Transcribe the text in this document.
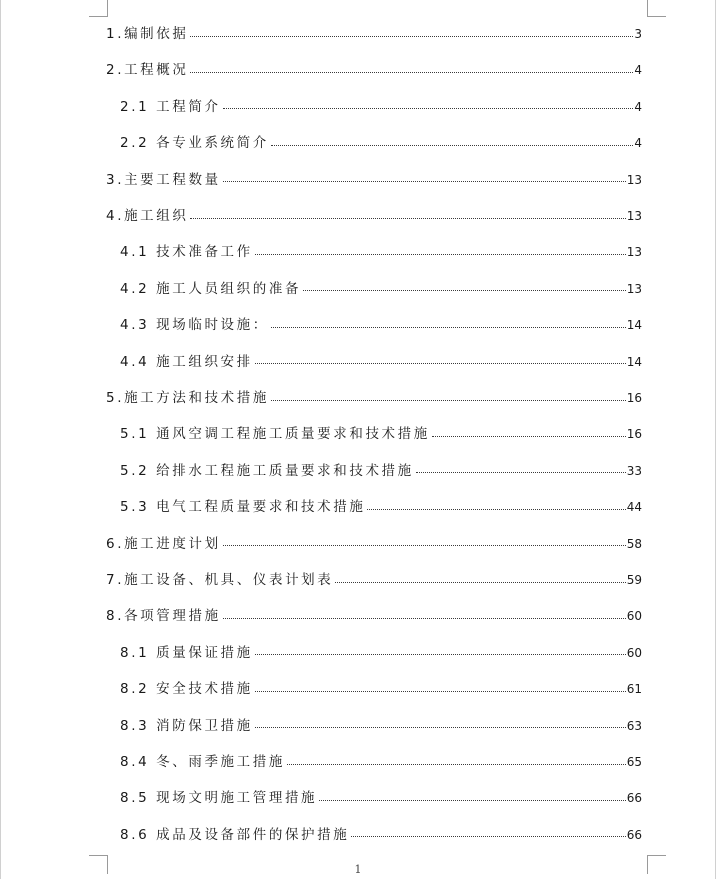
1.编制依据	3
2.工程概况	4
2.1 工程简介	4
2.2 各专业系统简介	4
3.主要工程数量	13
4.施工组织	13
4.1 技术准备工作	13
4.2 施工人员组织的准备	13
4.3 现场临时设施：	14
4.4 施工组织安排	14
5.施工方法和技术措施	16
5.1 通风空调工程施工质量要求和技术措施	16
5.2 给排水工程施工质量要求和技术措施	33
5.3 电气工程质量要求和技术措施	44
6.施工进度计划	58
7.施工设备、机具、仪表计划表	59
8.各项管理措施	60
8.1 质量保证措施	60
8.2 安全技术措施	61
8.3 消防保卫措施	63
8.4 冬、雨季施工措施	65
8.5 现场文明施工管理措施	66
8.6 成品及设备部件的保护措施	66
1
